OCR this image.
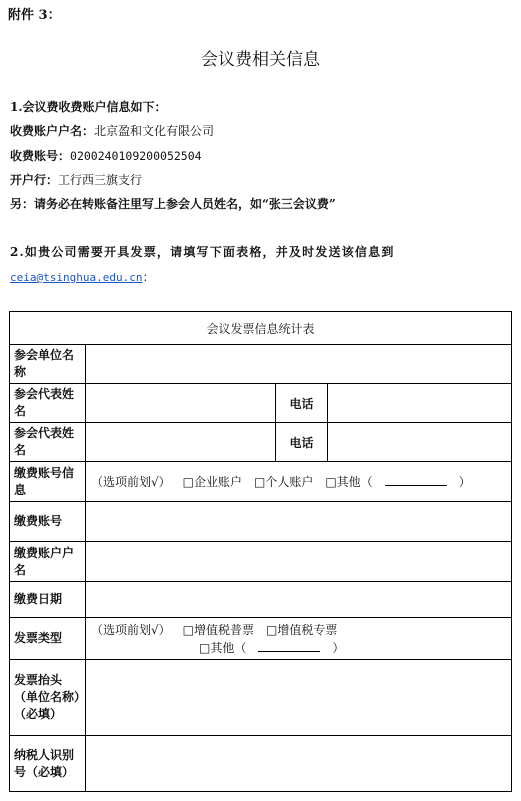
附件 3：
会议费相关信息
1.会议费收费账户信息如下：
收费账户户名：北京盈和文化有限公司
收费账号：0200240109200052504
开户行：工行西三旗支行
另：请务必在转账备注里写上参会人员姓名，如“张三会议费”
2.如贵公司需要开具发票，请填写下面表格，并及时发送该信息到
ceia@tsinghua.edu.cn：
会议发票信息统计表			
参会单位名称			
参会代表姓名		电话	
参会代表姓名		电话	
缴费账号信息	（选项前划√） □企业账户 □个人账户 □其他（ ）		
缴费账号			
缴费账户户名			
缴费日期			
发票类型	（选项前划√） □增值税普票 □增值税专票
□其他（ ）		

发票抬头（单位名称）（必填）			
纳税人识别号（必填）			
